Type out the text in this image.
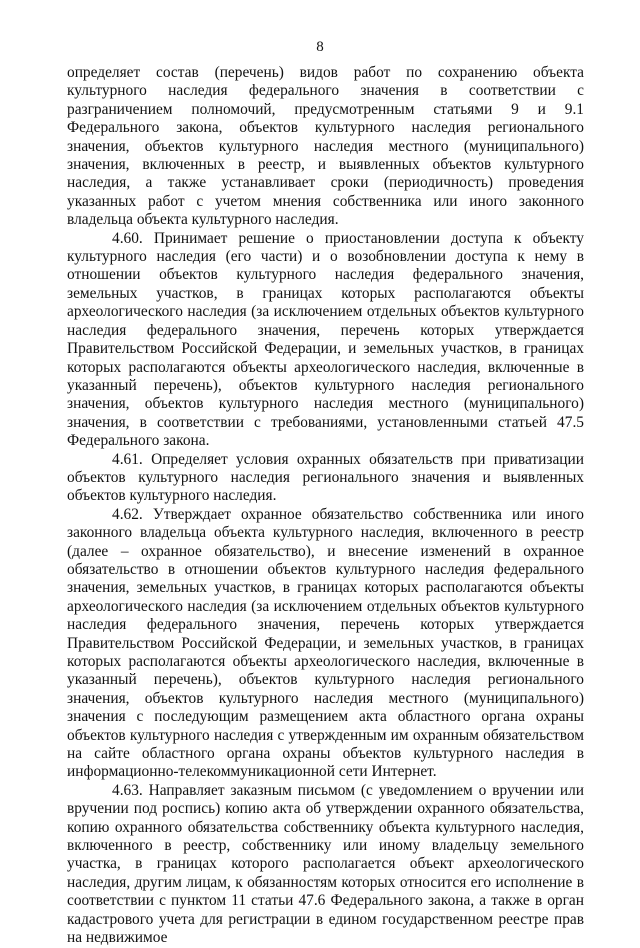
8

определяет состав (перечень) видов работ по сохранению объекта культурного наследия федерального значения в соответствии с разграничением полномочий, предусмотренным статьями 9 и 9.1 Федерального закона, объектов культурного наследия регионального значения, объектов культурного наследия местного (муниципального) значения, включенных в реестр, и выявленных объектов культурного наследия, а также устанавливает сроки (периодичность) проведения указанных работ с учетом мнения собственника или иного законного владельца объекта культурного наследия.

4.60. Принимает решение о приостановлении доступа к объекту культурного наследия (его части) и о возобновлении доступа к нему в отношении объектов культурного наследия федерального значения, земельных участков, в границах которых располагаются объекты археологического наследия (за исключением отдельных объектов культурного наследия федерального значения, перечень которых утверждается Правительством Российской Федерации, и земельных участков, в границах которых располагаются объекты археологического наследия, включенные в указанный перечень), объектов культурного наследия регионального значения, объектов культурного наследия местного (муниципального) значения, в соответствии с требованиями, установленными статьей 47.5 Федерального закона.

4.61. Определяет условия охранных обязательств при приватизации объектов культурного наследия регионального значения и выявленных объектов культурного наследия.

4.62. Утверждает охранное обязательство собственника или иного законного владельца объекта культурного наследия, включенного в реестр (далее – охранное обязательство), и внесение изменений в охранное обязательство в отношении объектов культурного наследия федерального значения, земельных участков, в границах которых располагаются объекты археологического наследия (за исключением отдельных объектов культурного наследия федерального значения, перечень которых утверждается Правительством Российской Федерации, и земельных участков, в границах которых располагаются объекты археологического наследия, включенные в указанный перечень), объектов культурного наследия регионального значения, объектов культурного наследия местного (муниципального) значения с последующим размещением акта областного органа охраны объектов культурного наследия с утвержденным им охранным обязательством на сайте областного органа охраны объектов культурного наследия в информационно-телекоммуникационной сети Интернет.

4.63. Направляет заказным письмом (с уведомлением о вручении или вручении под роспись) копию акта об утверждении охранного обязательства, копию охранного обязательства собственнику объекта культурного наследия, включенного в реестр, собственнику или иному владельцу земельного участка, в границах которого располагается объект археологического наследия, другим лицам, к обязанностям которых относится его исполнение в соответствии с пунктом 11 статьи 47.6 Федерального закона, а также в орган кадастрового учета для регистрации в едином государственном реестре прав на недвижимое
